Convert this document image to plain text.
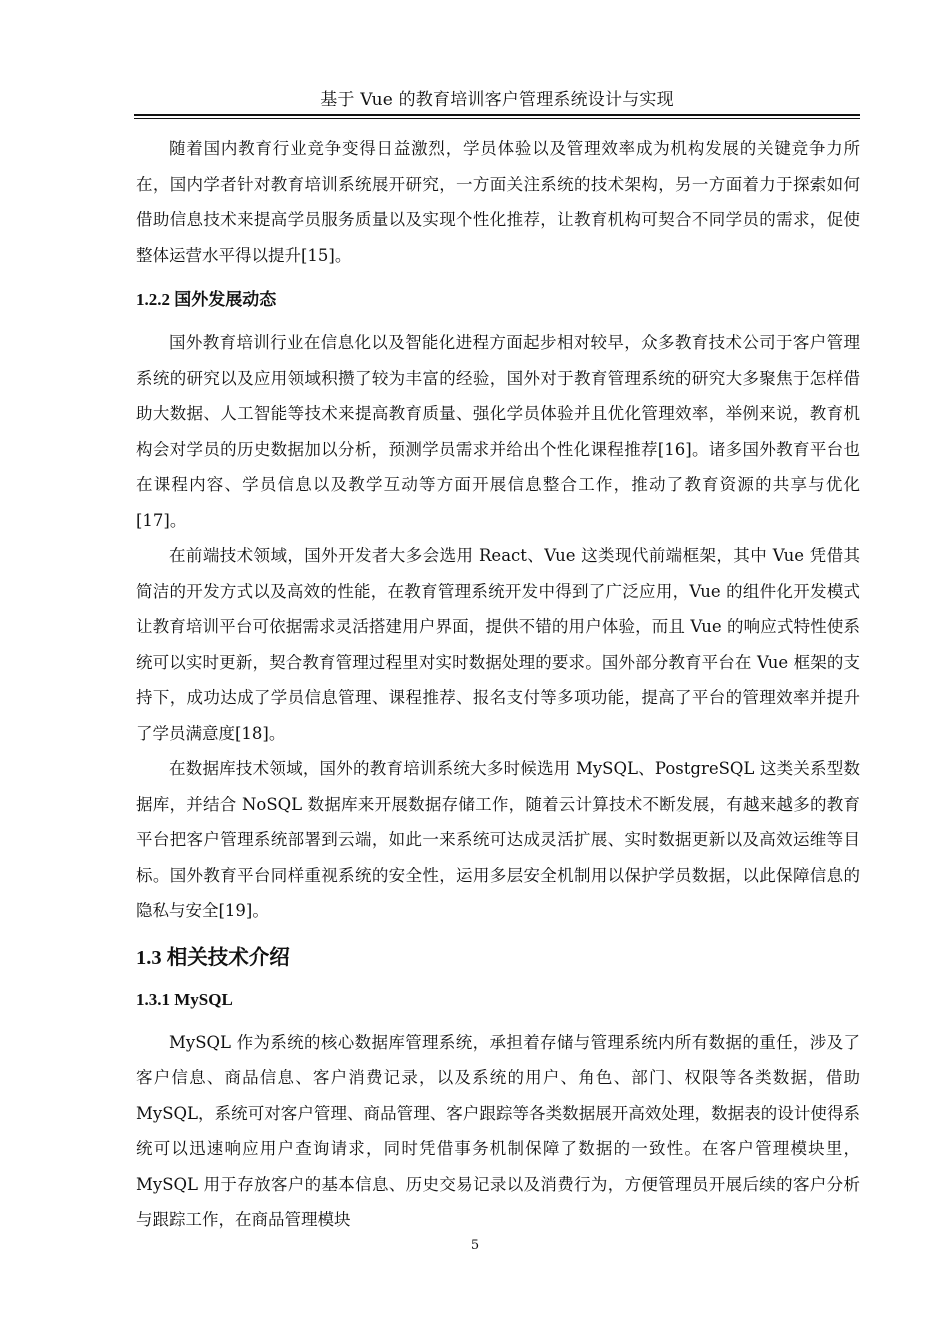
基于 Vue 的教育培训客户管理系统设计与实现

随着国内教育行业竞争变得日益激烈，学员体验以及管理效率成为机构发展的关键竞争力所在，国内学者针对教育培训系统展开研究，一方面关注系统的技术架构，另一方面着力于探索如何借助信息技术来提高学员服务质量以及实现个性化推荐，让教育机构可契合不同学员的需求，促使整体运营水平得以提升[15]。

1.2.2 国外发展动态

国外教育培训行业在信息化以及智能化进程方面起步相对较早，众多教育技术公司于客户管理系统的研究以及应用领域积攒了较为丰富的经验，国外对于教育管理系统的研究大多聚焦于怎样借助大数据、人工智能等技术来提高教育质量、强化学员体验并且优化管理效率，举例来说，教育机构会对学员的历史数据加以分析，预测学员需求并给出个性化课程推荐[16]。诸多国外教育平台也在课程内容、学员信息以及教学互动等方面开展信息整合工作，推动了教育资源的共享与优化[17]。

在前端技术领域，国外开发者大多会选用 React、Vue 这类现代前端框架，其中 Vue 凭借其简洁的开发方式以及高效的性能，在教育管理系统开发中得到了广泛应用，Vue 的组件化开发模式让教育培训平台可依据需求灵活搭建用户界面，提供不错的用户体验，而且 Vue 的响应式特性使系统可以实时更新，契合教育管理过程里对实时数据处理的要求。国外部分教育平台在 Vue 框架的支持下，成功达成了学员信息管理、课程推荐、报名支付等多项功能，提高了平台的管理效率并提升了学员满意度[18]。

在数据库技术领域，国外的教育培训系统大多时候选用 MySQL、PostgreSQL 这类关系型数据库，并结合 NoSQL 数据库来开展数据存储工作，随着云计算技术不断发展，有越来越多的教育平台把客户管理系统部署到云端，如此一来系统可达成灵活扩展、实时数据更新以及高效运维等目标。国外教育平台同样重视系统的安全性，运用多层安全机制用以保护学员数据，以此保障信息的隐私与安全[19]。

1.3 相关技术介绍
1.3.1 MySQL

MySQL 作为系统的核心数据库管理系统，承担着存储与管理系统内所有数据的重任，涉及了客户信息、商品信息、客户消费记录，以及系统的用户、角色、部门、权限等各类数据，借助 MySQL，系统可对客户管理、商品管理、客户跟踪等各类数据展开高效处理，数据表的设计使得系统可以迅速响应用户查询请求，同时凭借事务机制保障了数据的一致性。在客户管理模块里，MySQL 用于存放客户的基本信息、历史交易记录以及消费行为，方便管理员开展后续的客户分析与跟踪工作，在商品管理模块

5
